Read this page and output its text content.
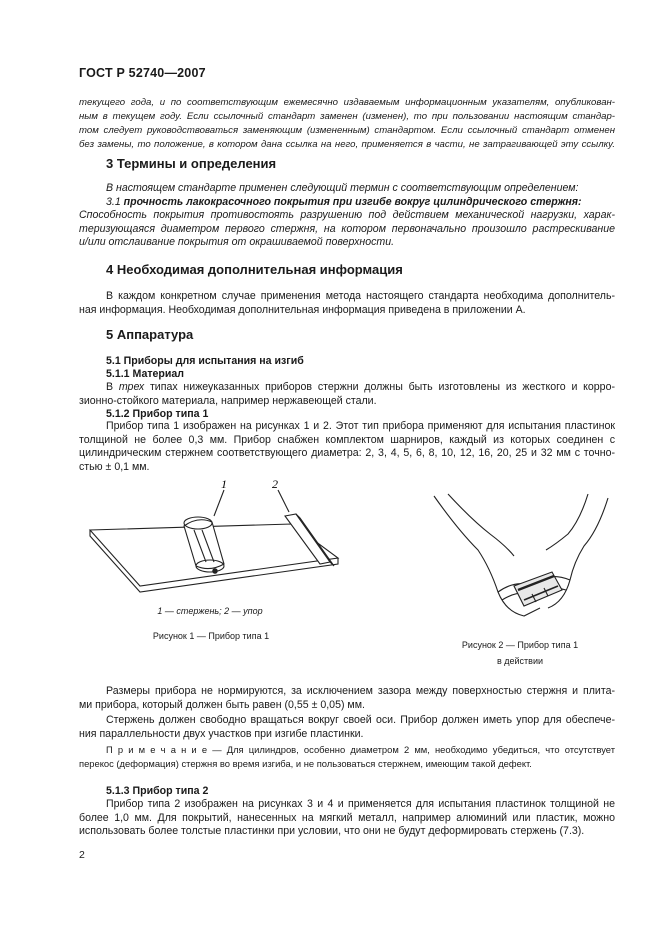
ГОСТ Р 52740—2007
текущего года, и по соответствующим ежемесячно издаваемым информационным указателям, опубликован-
ным в текущем году. Если ссылочный стандарт заменен (изменен), то при пользовании настоящим стандар-
том следует руководствоваться заменяющим (измененным) стандартом. Если ссылочный стандарт отменен
без замены, то положение, в котором дана ссылка на него, применяется в части, не затрагивающей эту ссылку.
3 Термины и определения
В настоящем стандарте применен следующий термин с соответствующим определением:
3.1 прочность лакокрасочного покрытия при изгибе вокруг цилиндрического стержня:
Способность покрытия противостоять разрушению под действием механической нагрузки, харак-
теризующаяся диаметром первого стержня, на котором первоначально произошло растрескивание
и/или отслаивание покрытия от окрашиваемой поверхности.
4 Необходимая дополнительная информация
В каждом конкретном случае применения метода настоящего стандарта необходима дополнитель-
ная информация. Необходимая дополнительная информация приведена в приложении А.
5 Аппаратура
5.1 Приборы для испытания на изгиб
5.1.1 Материал
В трех типах нижеуказанных приборов стержни должны быть изготовлены из жесткого и корро-
зионно-стойкого материала, например нержавеющей стали.
5.1.2 Прибор типа 1
Прибор типа 1 изображен на рисунках 1 и 2. Этот тип прибора применяют для испытания пластинок
толщиной не более 0,3 мм. Прибор снабжен комплектом шарниров, каждый из которых соединен с
цилиндрическим стержнем соответствующего диаметра: 2, 3, 4, 5, 6, 8, 10, 12, 16, 20, 25 и 32 мм с точно-
стью ± 0,1 мм.
1	2
1 — стержень; 2 — упор
Рисунок 1 — Прибор типа 1
Рисунок 2 — Прибор типа 1
в действии
Размеры прибора не нормируются, за исключением зазора между поверхностью стержня и плита-
ми прибора, который должен быть равен (0,55 ± 0,05) мм.
Стержень должен свободно вращаться вокруг своей оси. Прибор должен иметь упор для обеспече-
ния параллельности двух участков при изгибе пластинки.
П р и м е ч а н и е — Для цилиндров, особенно диаметром 2 мм, необходимо убедиться, что отсутствует
перекос (деформация) стержня во время изгиба, и не пользоваться стержнем, имеющим такой дефект.
5.1.3 Прибор типа 2
Прибор типа 2 изображен на рисунках 3 и 4 и применяется для испытания пластинок толщиной не
более 1,0 мм. Для покрытий, нанесенных на мягкий металл, например алюминий или пластик, можно
использовать более толстые пластинки при условии, что они не будут деформировать стержень (7.3).
2
